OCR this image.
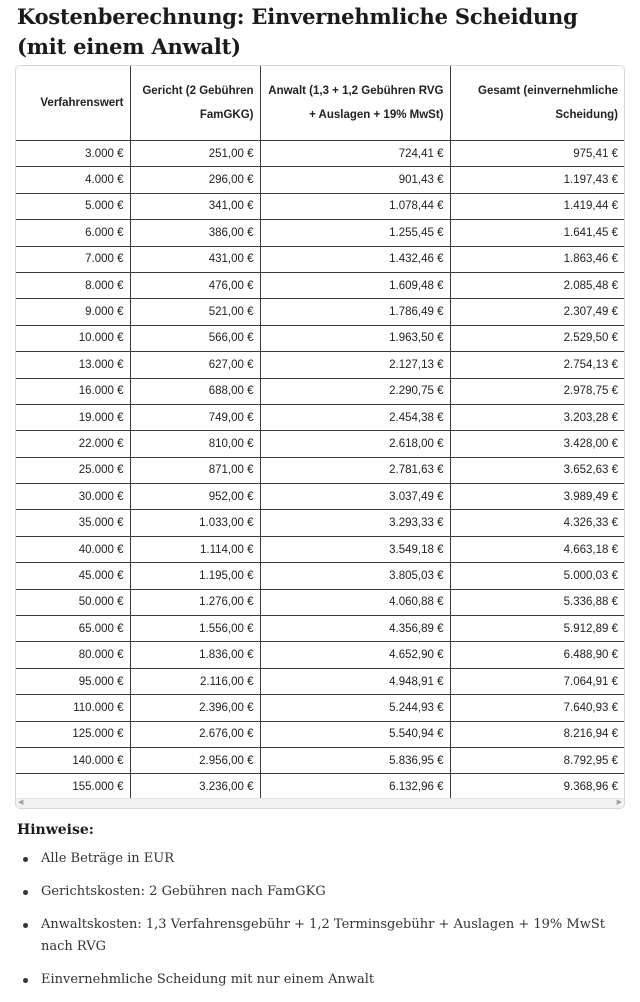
Kostenberechnung: Einvernehmliche Scheidung (mit einem Anwalt)
Verfahrenswert	Gericht (2 Gebühren FamGKG)	Anwalt (1,3 + 1,2 Gebühren RVG + Auslagen + 19% MwSt)	Gesamt (einvernehmliche Scheidung)
3.000 €	251,00 €	724,41 €	975,41 €
4.000 €	296,00 €	901,43 €	1.197,43 €
5.000 €	341,00 €	1.078,44 €	1.419,44 €
6.000 €	386,00 €	1.255,45 €	1.641,45 €
7.000 €	431,00 €	1.432,46 €	1.863,46 €
8.000 €	476,00 €	1.609,48 €	2.085,48 €
9.000 €	521,00 €	1.786,49 €	2.307,49 €
10.000 €	566,00 €	1.963,50 €	2.529,50 €
13.000 €	627,00 €	2.127,13 €	2.754,13 €
16.000 €	688,00 €	2.290,75 €	2.978,75 €
19.000 €	749,00 €	2.454,38 €	3.203,28 €
22.000 €	810,00 €	2.618,00 €	3.428,00 €
25.000 €	871,00 €	2.781,63 €	3.652,63 €
30.000 €	952,00 €	3.037,49 €	3.989,49 €
35.000 €	1.033,00 €	3.293,33 €	4.326,33 €
40.000 €	1.114,00 €	3.549,18 €	4.663,18 €
45.000 €	1.195,00 €	3.805,03 €	5.000,03 €
50.000 €	1.276,00 €	4.060,88 €	5.336,88 €
65.000 €	1.556,00 €	4.356,89 €	5.912,89 €
80.000 €	1.836,00 €	4.652,90 €	6.488,90 €
95.000 €	2.116,00 €	4.948,91 €	7.064,91 €
110.000 €	2.396,00 €	5.244,93 €	7.640,93 €
125.000 €	2.676,00 €	5.540,94 €	8.216,94 €
140.000 €	2.956,00 €	5.836,95 €	8.792,95 €
155.000 €	3.236,00 €	6.132,96 €	9.368,96 €
◀	▶
Hinweise:
Alle Beträge in EUR
Gerichtskosten: 2 Gebühren nach FamGKG
Anwaltskosten: 1,3 Verfahrensgebühr + 1,2 Terminsgebühr + Auslagen + 19% MwSt nach RVG
Einvernehmliche Scheidung mit nur einem Anwalt
